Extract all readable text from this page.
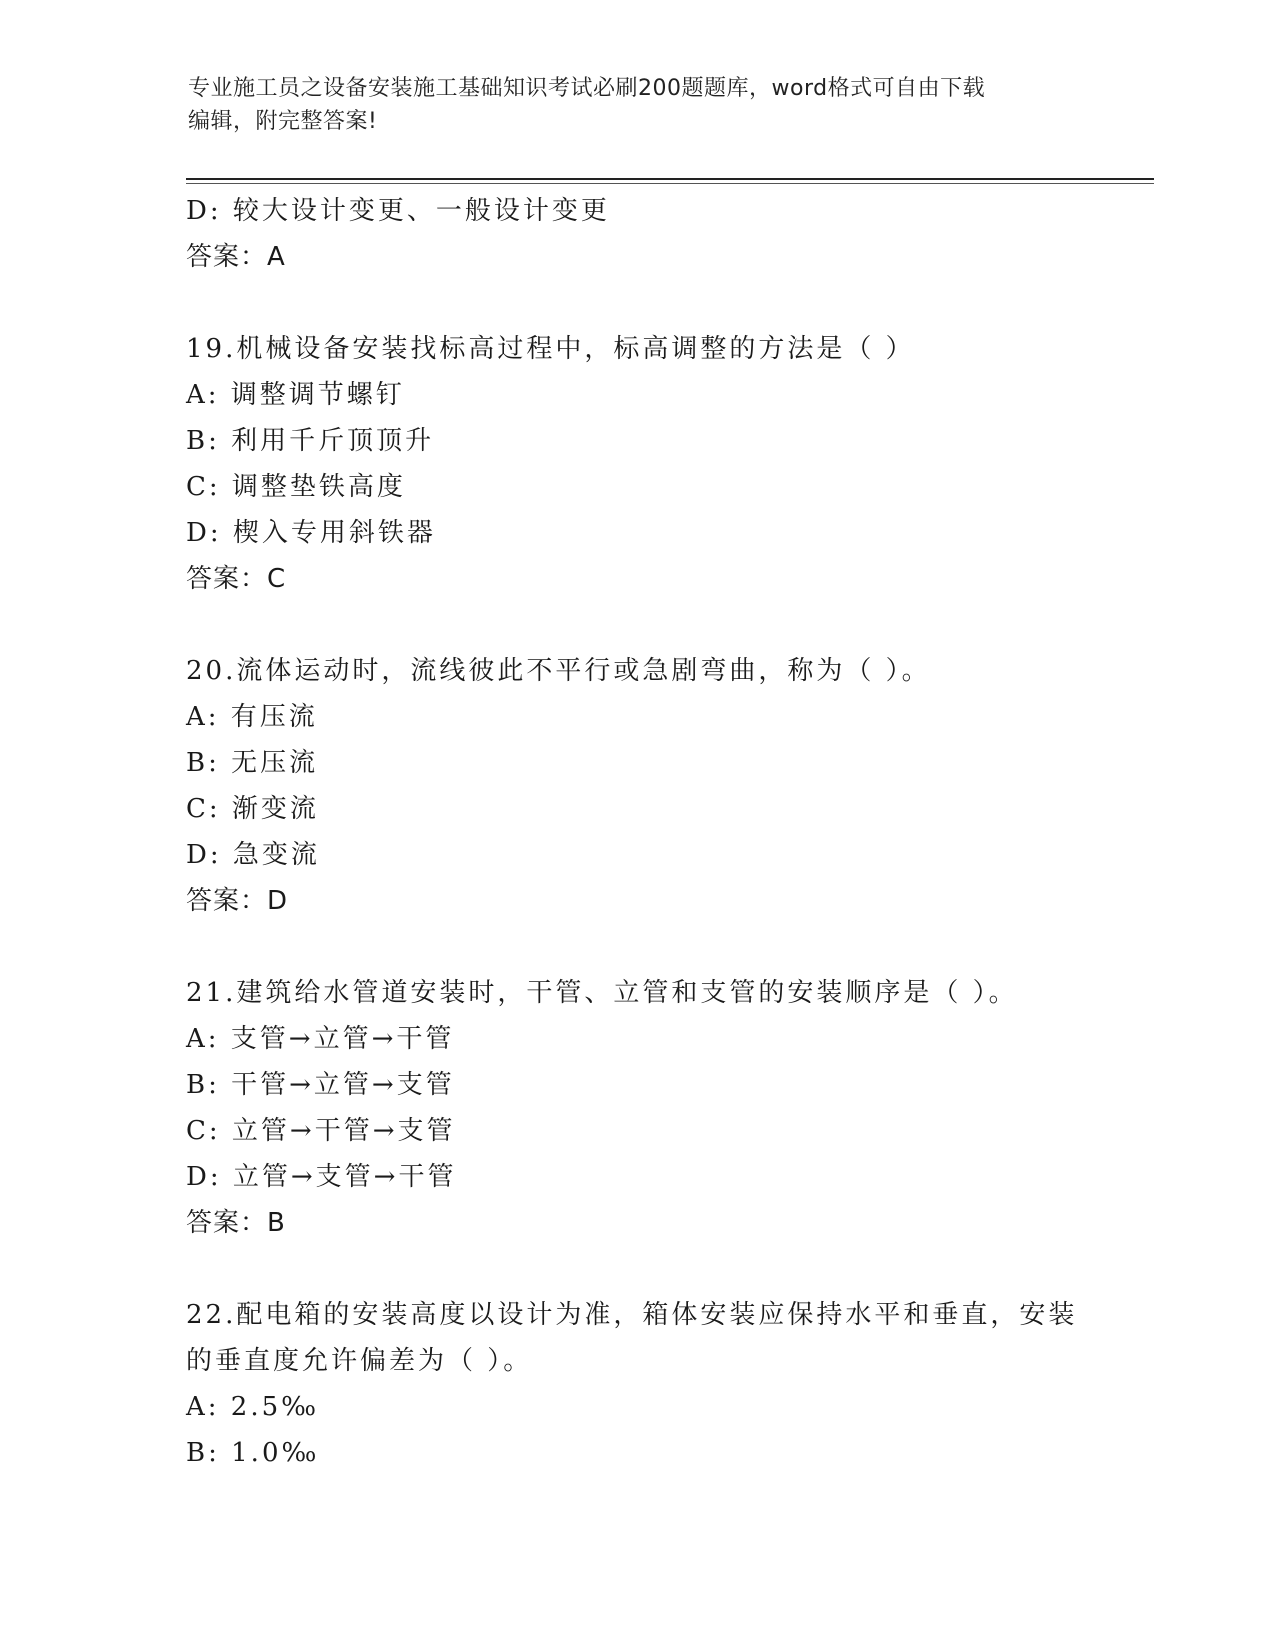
专业施工员之设备安装施工基础知识考试必刷200题题库，word格式可自由下载
编辑，附完整答案!
D: 较大设计变更、一般设计变更
答案：A
19.机械设备安装找标高过程中，标高调整的方法是（ ）
A: 调整调节螺钉
B: 利用千斤顶顶升
C: 调整垫铁高度
D: 楔入专用斜铁器
答案：C
20.流体运动时，流线彼此不平行或急剧弯曲，称为（ ）。
A: 有压流
B: 无压流
C: 渐变流
D: 急变流
答案：D
21.建筑给水管道安装时，干管、立管和支管的安装顺序是（ ）。
A: 支管→立管→干管
B: 干管→立管→支管
C: 立管→干管→支管
D: 立管→支管→干管
答案：B
22.配电箱的安装高度以设计为准，箱体安装应保持水平和垂直，安装
的垂直度允许偏差为（ ）。
A: 2.5‰
B: 1.0‰
